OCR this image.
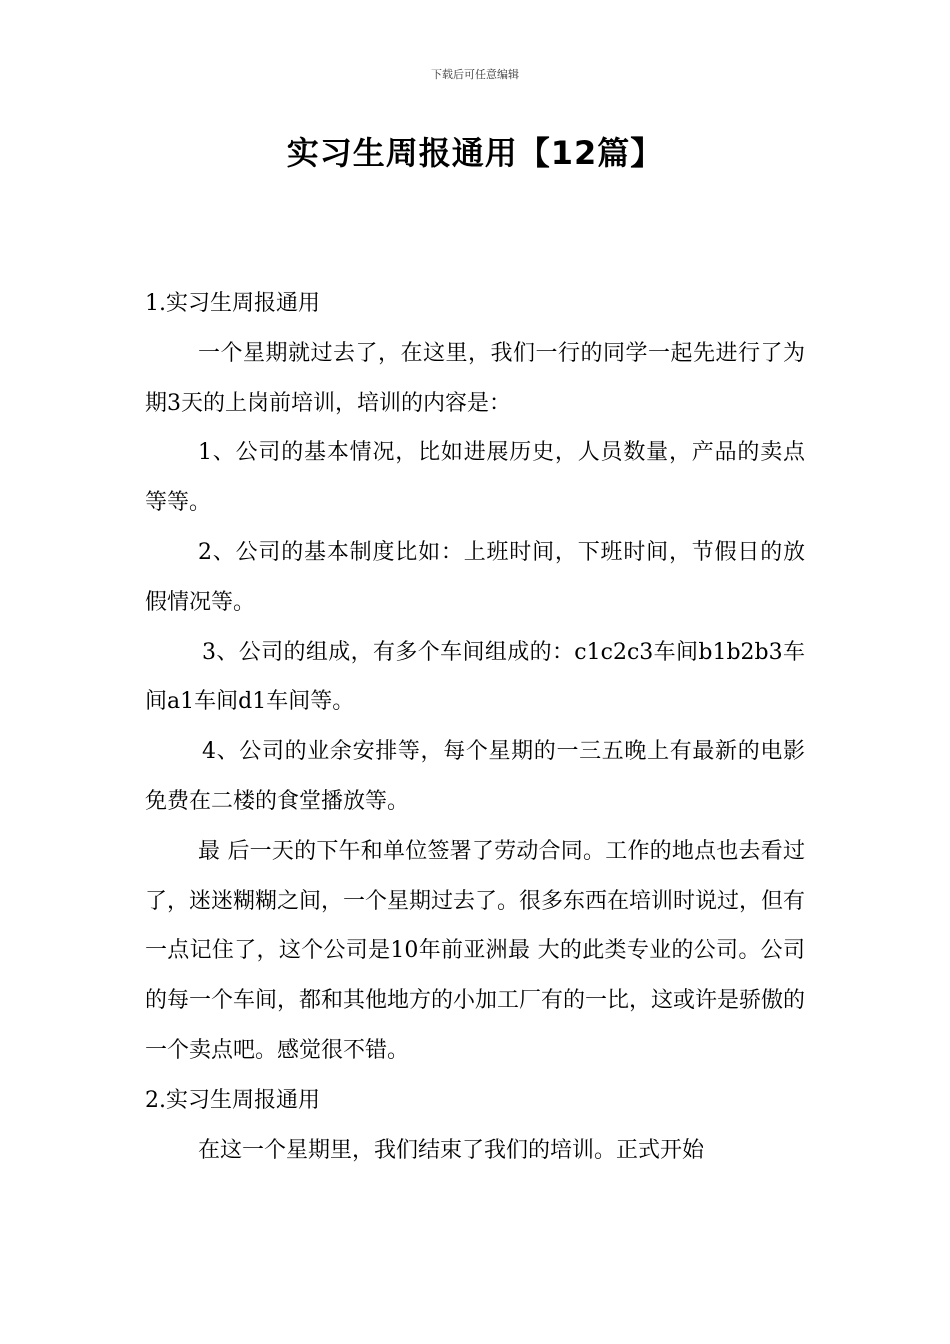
下载后可任意编辑
实习生周报通用【12篇】

1.实习生周报通用

一个星期就过去了，在这里，我们一行的同学一起先进行了为期3天的上岗前培训，培训的内容是：

1、公司的基本情况，比如进展历史，人员数量，产品的卖点等等。

2、公司的基本制度比如：上班时间，下班时间，节假日的放假情况等。

3、公司的组成，有多个车间组成的：c1c2c3车间b1b2b3车间a1车间d1车间等。

4、公司的业余安排等，每个星期的一三五晚上有最新的电影免费在二楼的食堂播放等。

最 后一天的下午和单位签署了劳动合同。工作的地点也去看过了，迷迷糊糊之间，一个星期过去了。很多东西在培训时说过，但有一点记住了，这个公司是10年前亚洲最 大的此类专业的公司。公司的每一个车间，都和其他地方的小加工厂有的一比，这或许是骄傲的一个卖点吧。感觉很不错。

2.实习生周报通用

在这一个星期里，我们结束了我们的培训。正式开始
